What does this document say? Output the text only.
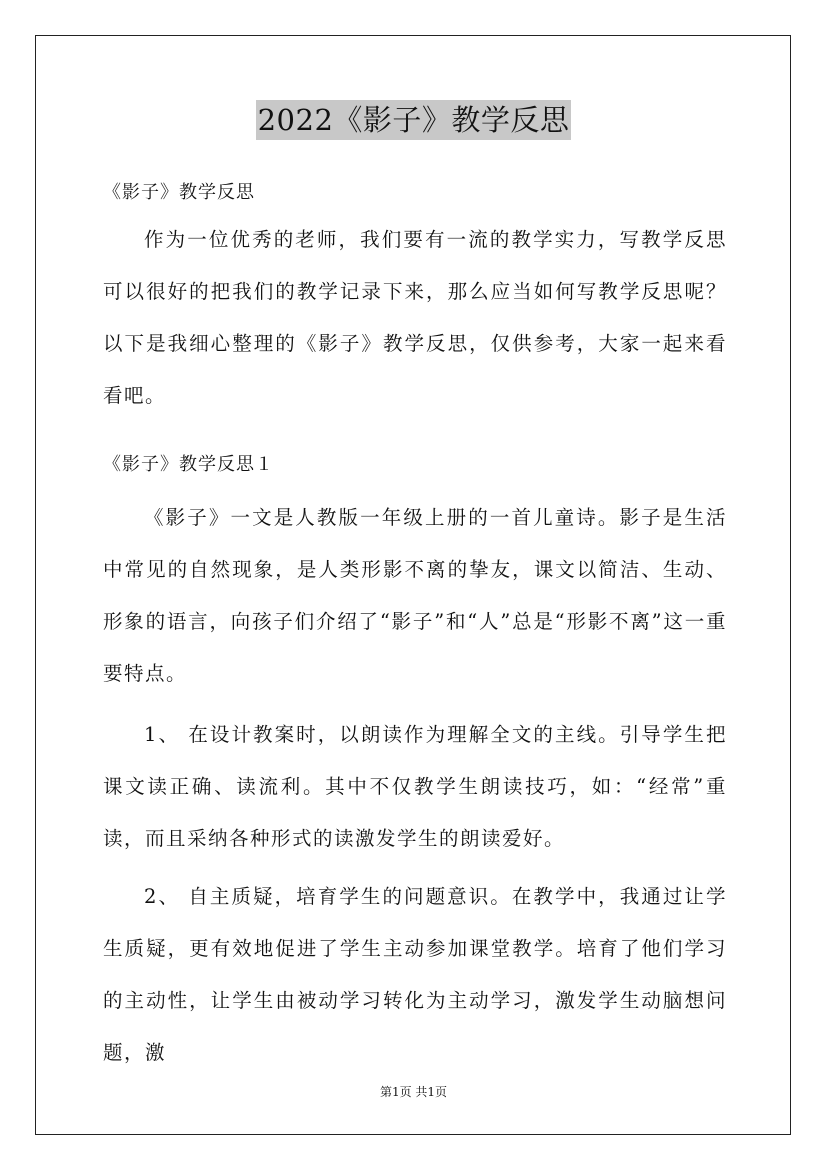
2022《影子》教学反思
《影子》教学反思

作为一位优秀的老师，我们要有一流的教学实力，写教学反思可以很好的把我们的教学记录下来，那么应当如何写教学反思呢？以下是我细心整理的《影子》教学反思，仅供参考，大家一起来看看吧。

《影子》教学反思１

《影子》一文是人教版一年级上册的一首儿童诗。影子是生活中常见的自然现象，是人类形影不离的挚友，课文以简洁、生动、形象的语言，向孩子们介绍了“影子”和“人”总是“形影不离”这一重要特点。

1、 在设计教案时，以朗读作为理解全文的主线。引导学生把课文读正确、读流利。其中不仅教学生朗读技巧，如：“经常”重读，而且采纳各种形式的读激发学生的朗读爱好。

2、 自主质疑，培育学生的问题意识。在教学中，我通过让学生质疑，更有效地促进了学生主动参加课堂教学。培育了他们学习的主动性，让学生由被动学习转化为主动学习，激发学生动脑想问题，激

第1页 共1页
